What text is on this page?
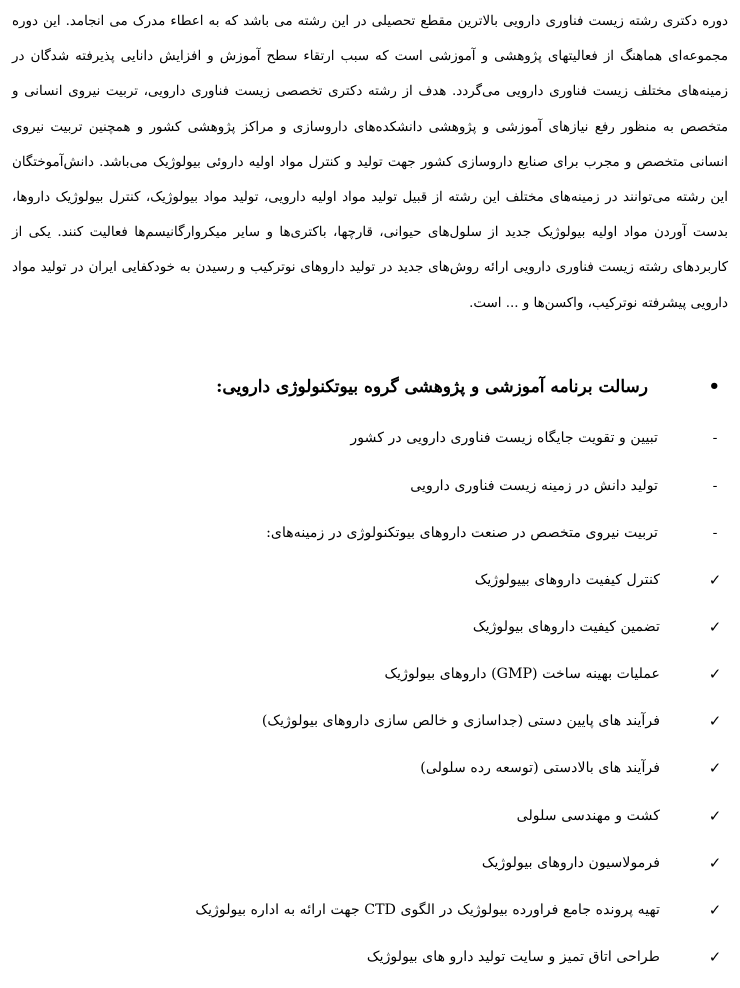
دوره دکتری رشته زیست فناوری دارویی بالاترین مقطع تحصیلی در این رشته می باشد که به اعطاء مدرک می انجامد. این دوره مجموعه‌ای هماهنگ از فعالیتهای پژوهشی و آموزشی است که سبب ارتقاء سطح آموزش و افزایش دانایی پذیرفته شدگان در زمینه‌های مختلف زیست فناوری دارویی می‌گردد. هدف از رشته دکتری تخصصی زیست فناوری دارویی، تربیت نیروی انسانی و متخصص به منظور رفع نیازهای آموزشی و پژوهشی دانشکده‌های داروسازی و مراکز پژوهشی کشور و همچنین تربیت نیروی انسانی متخصص و مجرب برای صنایع داروسازی کشور جهت تولید و کنترل مواد اولیه داروئی بیولوژیک می‌باشد. دانش‌آموختگان این رشته می‌توانند در زمینه‌های مختلف این رشته از قبیل تولید مواد اولیه دارویی، تولید مواد بیولوژیک، کنترل بیولوژیک داروها، بدست آوردن مواد اولیه بیولوژیک جدید از سلول‌های حیوانی، قارچها، باکتری‌ها و سایر میکروارگانیسم‌ها فعالیت کنند. یکی از کاربردهای رشته زیست فناوری دارویی ارائه روش‌های جدید در تولید داروهای نوترکیب و رسیدن به خودکفایی ایران در تولید مواد دارویی پیشرفته نوترکیب، واکسن‌ها و ... است.
•
رسالت برنامه آموزشی و پژوهشی گروه بیوتکنولوژی دارویی:
-
تبیین و تقویت جایگاه زیست فناوری دارویی در کشور
-
تولید دانش در زمینه زیست فناوری دارویی
-
تربیت نیروی متخصص در صنعت داروهای بیوتکنولوژی در زمینه‌های:
✓
کنترل کیفیت داروهای بییولوژیک
✓
تضمین کیفیت داروهای بیولوژیک
✓
عملیات بهینه ساخت (GMP) داروهای بیولوژیک
✓
فرآیند های پایین دستی (جداسازی و خالص سازی داروهای بیولوژیک)
✓
فرآیند های بالادستی (توسعه رده سلولی)
✓
کشت و مهندسی سلولی
✓
فرمولاسیون داروهای بیولوژیک
✓
تهیه پرونده جامع فراورده بیولوژیک در الگوی CTD جهت ارائه به اداره بیولوژیک
✓
طراحی اتاق تمیز و سایت تولید دارو های بیولوژیک
